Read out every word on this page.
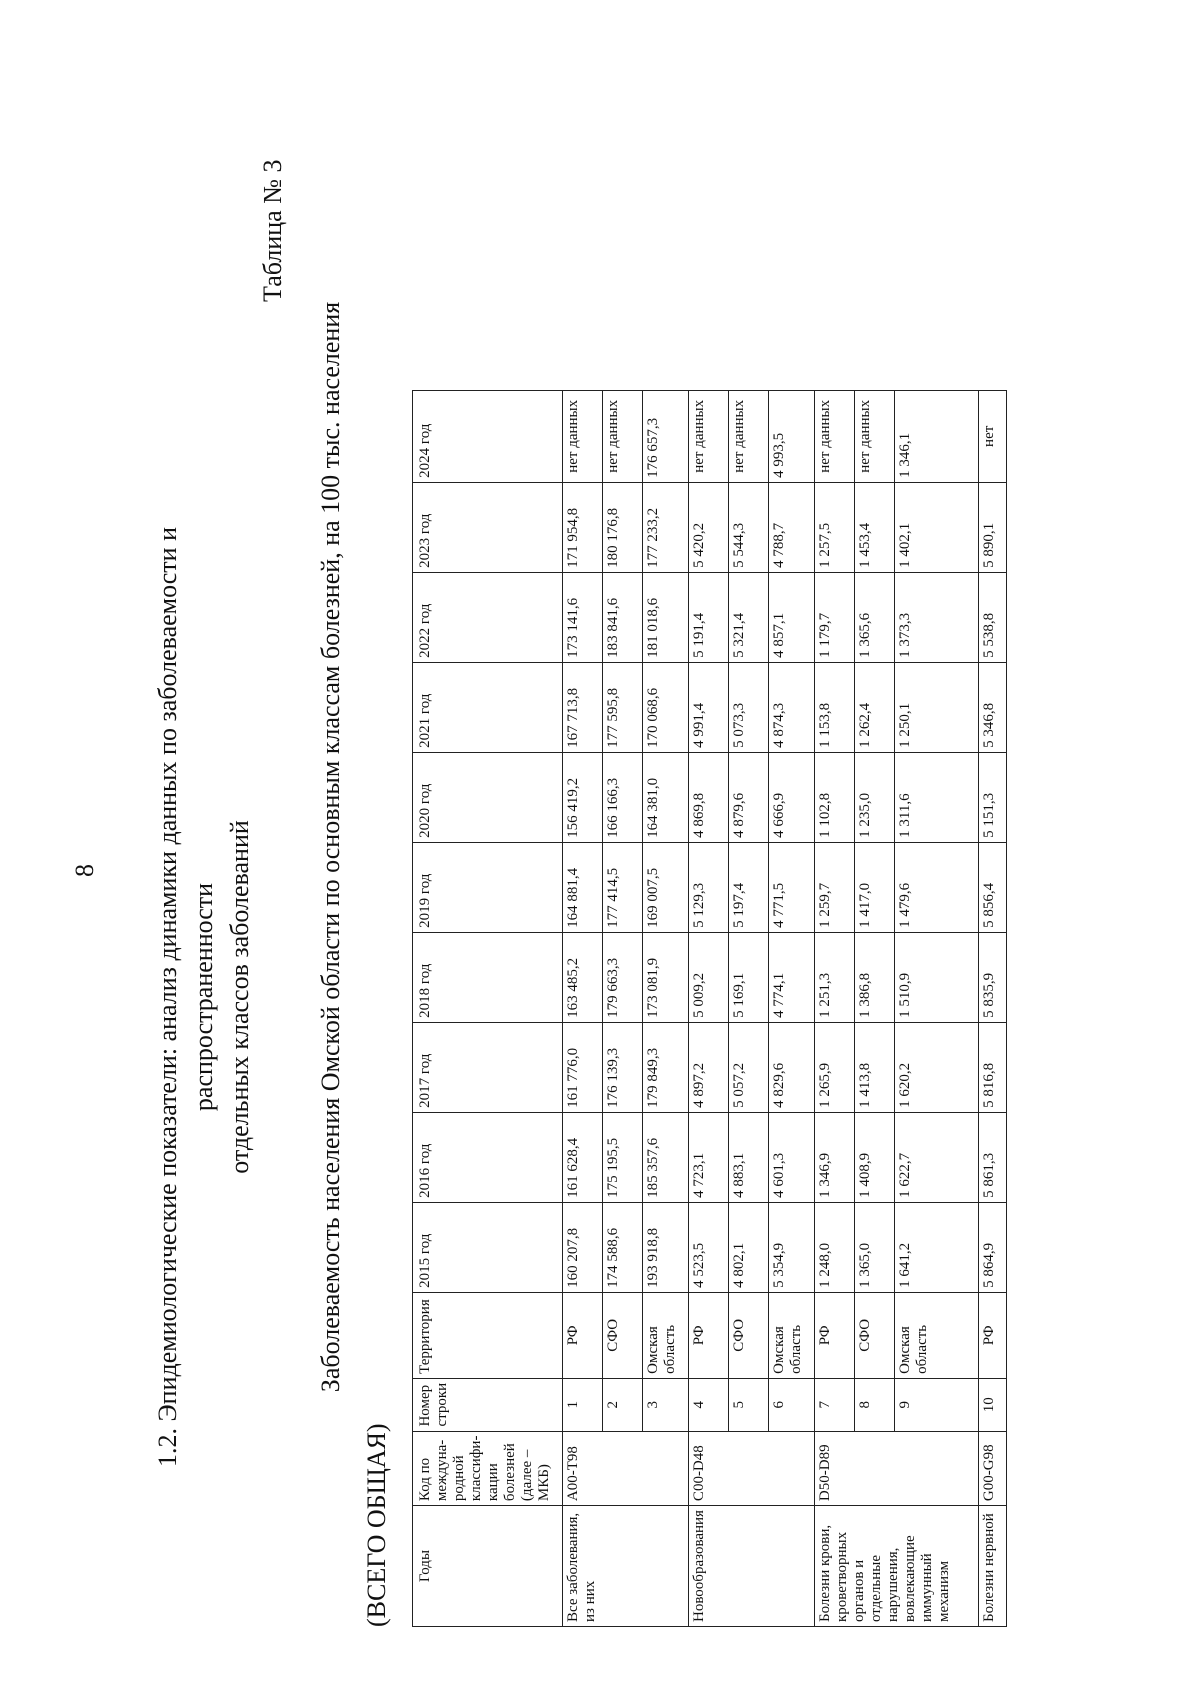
8 1.2. Эпидемиологические показатели: анализ динамики данных по заболеваемости и распространенности отдельных классов заболеваний
Таблица № 3
Заболеваемость населения Омской области по основным классам болезней, на 100 тыс. населения
(ВСЕГО ОБЩАЯ) Годы	Код по междуна-родной классифи-кации болезней (далее – МКБ)	Номер строки	Территория	2015 год	2016 год	2017 год	2018 год	2019 год	2020 год	2021 год	2022 год	2023 год	2024 год
Все заболевания, из них	A00-T98	1	РФ	160 207,8	161 628,4	161 776,0	163 485,2	164 881,4	156 419,2	167 713,8	173 141,6	171 954,8	нет данных
		2	СФО	174 588,6	175 195,5	176 139,3	179 663,3	177 414,5	166 166,3	177 595,8	183 841,6	180 176,8	нет данных
		3	Омская область	193 918,8	185 357,6	179 849,3	173 081,9	169 007,5	164 381,0	170 068,6	181 018,6	177 233,2	176 657,3
Новообразования	C00-D48	4	РФ	4 523,5	4 723,1	4 897,2	5 009,2	5 129,3	4 869,8	4 991,4	5 191,4	5 420,2	нет данных
		5	СФО	4 802,1	4 883,1	5 057,2	5 169,1	5 197,4	4 879,6	5 073,3	5 321,4	5 544,3	нет данных
		6	Омская область	5 354,9	4 601,3	4 829,6	4 774,1	4 771,5	4 666,9	4 874,3	4 857,1	4 788,7	4 993,5
Болезни крови, кроветворных органов и отдельные нарушения, вовлекающие иммунный механизм	D50-D89	7	РФ	1 248,0	1 346,9	1 265,9	1 251,3	1 259,7	1 102,8	1 153,8	1 179,7	1 257,5	нет данных
		8	СФО	1 365,0	1 408,9	1 413,8	1 386,8	1 417,0	1 235,0	1 262,4	1 365,6	1 453,4	нет данных
		9	Омская область	1 641,2	1 622,7	1 620,2	1 510,9	1 479,6	1 311,6	1 250,1	1 373,3	1 402,1	1 346,1
Болезни нервной	G00-G98	10	РФ	5 864,9	5 861,3	5 816,8	5 835,9	5 856,4	5 151,3	5 346,8	5 538,8	5 890,1	нет
